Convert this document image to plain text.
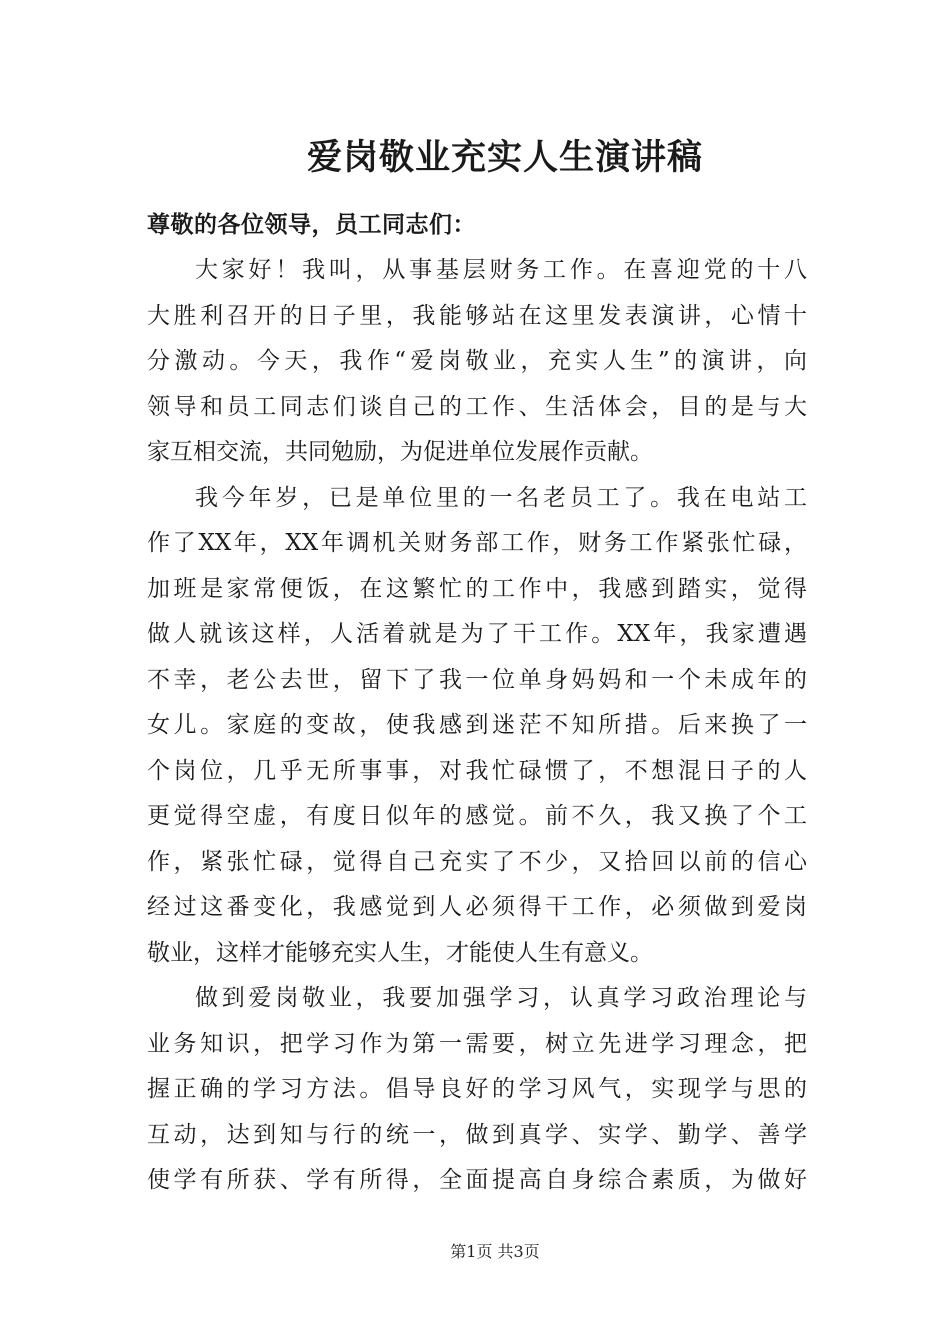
爱岗敬业充实人生演讲稿
尊敬的各位领导，员工同志们：
大家好！我叫，从事基层财务工作。在喜迎党的十八
大胜利召开的日子里，我能够站在这里发表演讲，心情十
分激动。今天，我作“爱岗敬业，充实人生”的演讲，向
领导和员工同志们谈自己的工作、生活体会，目的是与大
家互相交流，共同勉励，为促进单位发展作贡献。
我今年岁，已是单位里的一名老员工了。我在电站工
作了XX年，XX年调机关财务部工作，财务工作紧张忙碌，
加班是家常便饭，在这繁忙的工作中，我感到踏实，觉得
做人就该这样，人活着就是为了干工作。XX年，我家遭遇
不幸，老公去世，留下了我一位单身妈妈和一个未成年的
女儿。家庭的变故，使我感到迷茫不知所措。后来换了一
个岗位，几乎无所事事，对我忙碌惯了，不想混日子的人
更觉得空虚，有度日似年的感觉。前不久，我又换了个工
作，紧张忙碌，觉得自己充实了不少，又拾回以前的信心
经过这番变化，我感觉到人必须得干工作，必须做到爱岗
敬业，这样才能够充实人生，才能使人生有意义。
做到爱岗敬业，我要加强学习，认真学习政治理论与
业务知识，把学习作为第一需要，树立先进学习理念，把
握正确的学习方法。倡导良好的学习风气，实现学与思的
互动，达到知与行的统一，做到真学、实学、勤学、善学
使学有所获、学有所得，全面提高自身综合素质，为做好
第1页 共3页
